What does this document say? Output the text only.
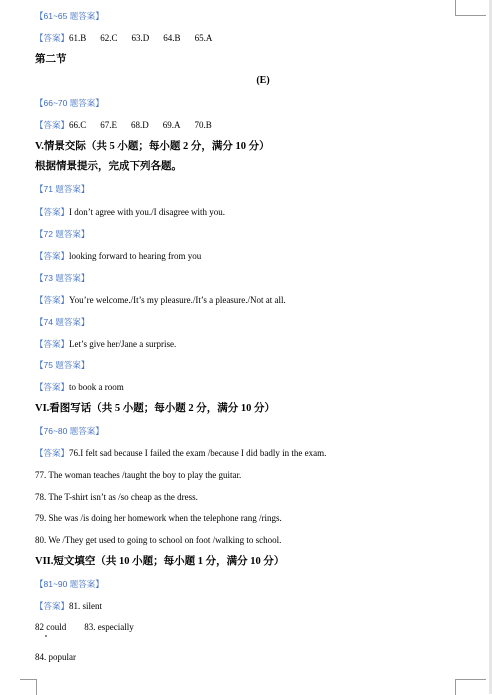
【61~65 题答案】
【答案】61.B 62.C 63.D 64.B 65.A
第二节
(E)
【66~70 题答案】
【答案】66.C 67.E 68.D 69.A 70.B
V.情景交际（共 5 小题；每小题 2 分，满分 10 分）
根据情景提示，完成下列各题。
【71 题答案】
【答案】I don’t agree with you./I disagree with you.
【72 题答案】
【答案】looking forward to hearing from you
【73 题答案】
【答案】You’re welcome./It’s my pleasure./It’s a pleasure./Not at all.
【74 题答案】
【答案】Let’s give her/Jane a surprise.
【75 题答案】
【答案】to book a room
VI.看图写话（共 5 小题；每小题 2 分，满分 10 分）
【76~80 题答案】
【答案】76.I felt sad because I failed the exam /because I did badly in the exam.
77. The woman teaches /taught the boy to play the guitar.
78. The T-shirt isn’t as /so cheap as the dress.
79. She was /is doing her homework when the telephone rang /rings.
80. We /They get used to going to school on foot /walking to school.
VII.短文填空（共 10 小题；每小题 1 分，满分 10 分）
【81~90 题答案】
【答案】81. silent
82 could 83. especially
84. popular
